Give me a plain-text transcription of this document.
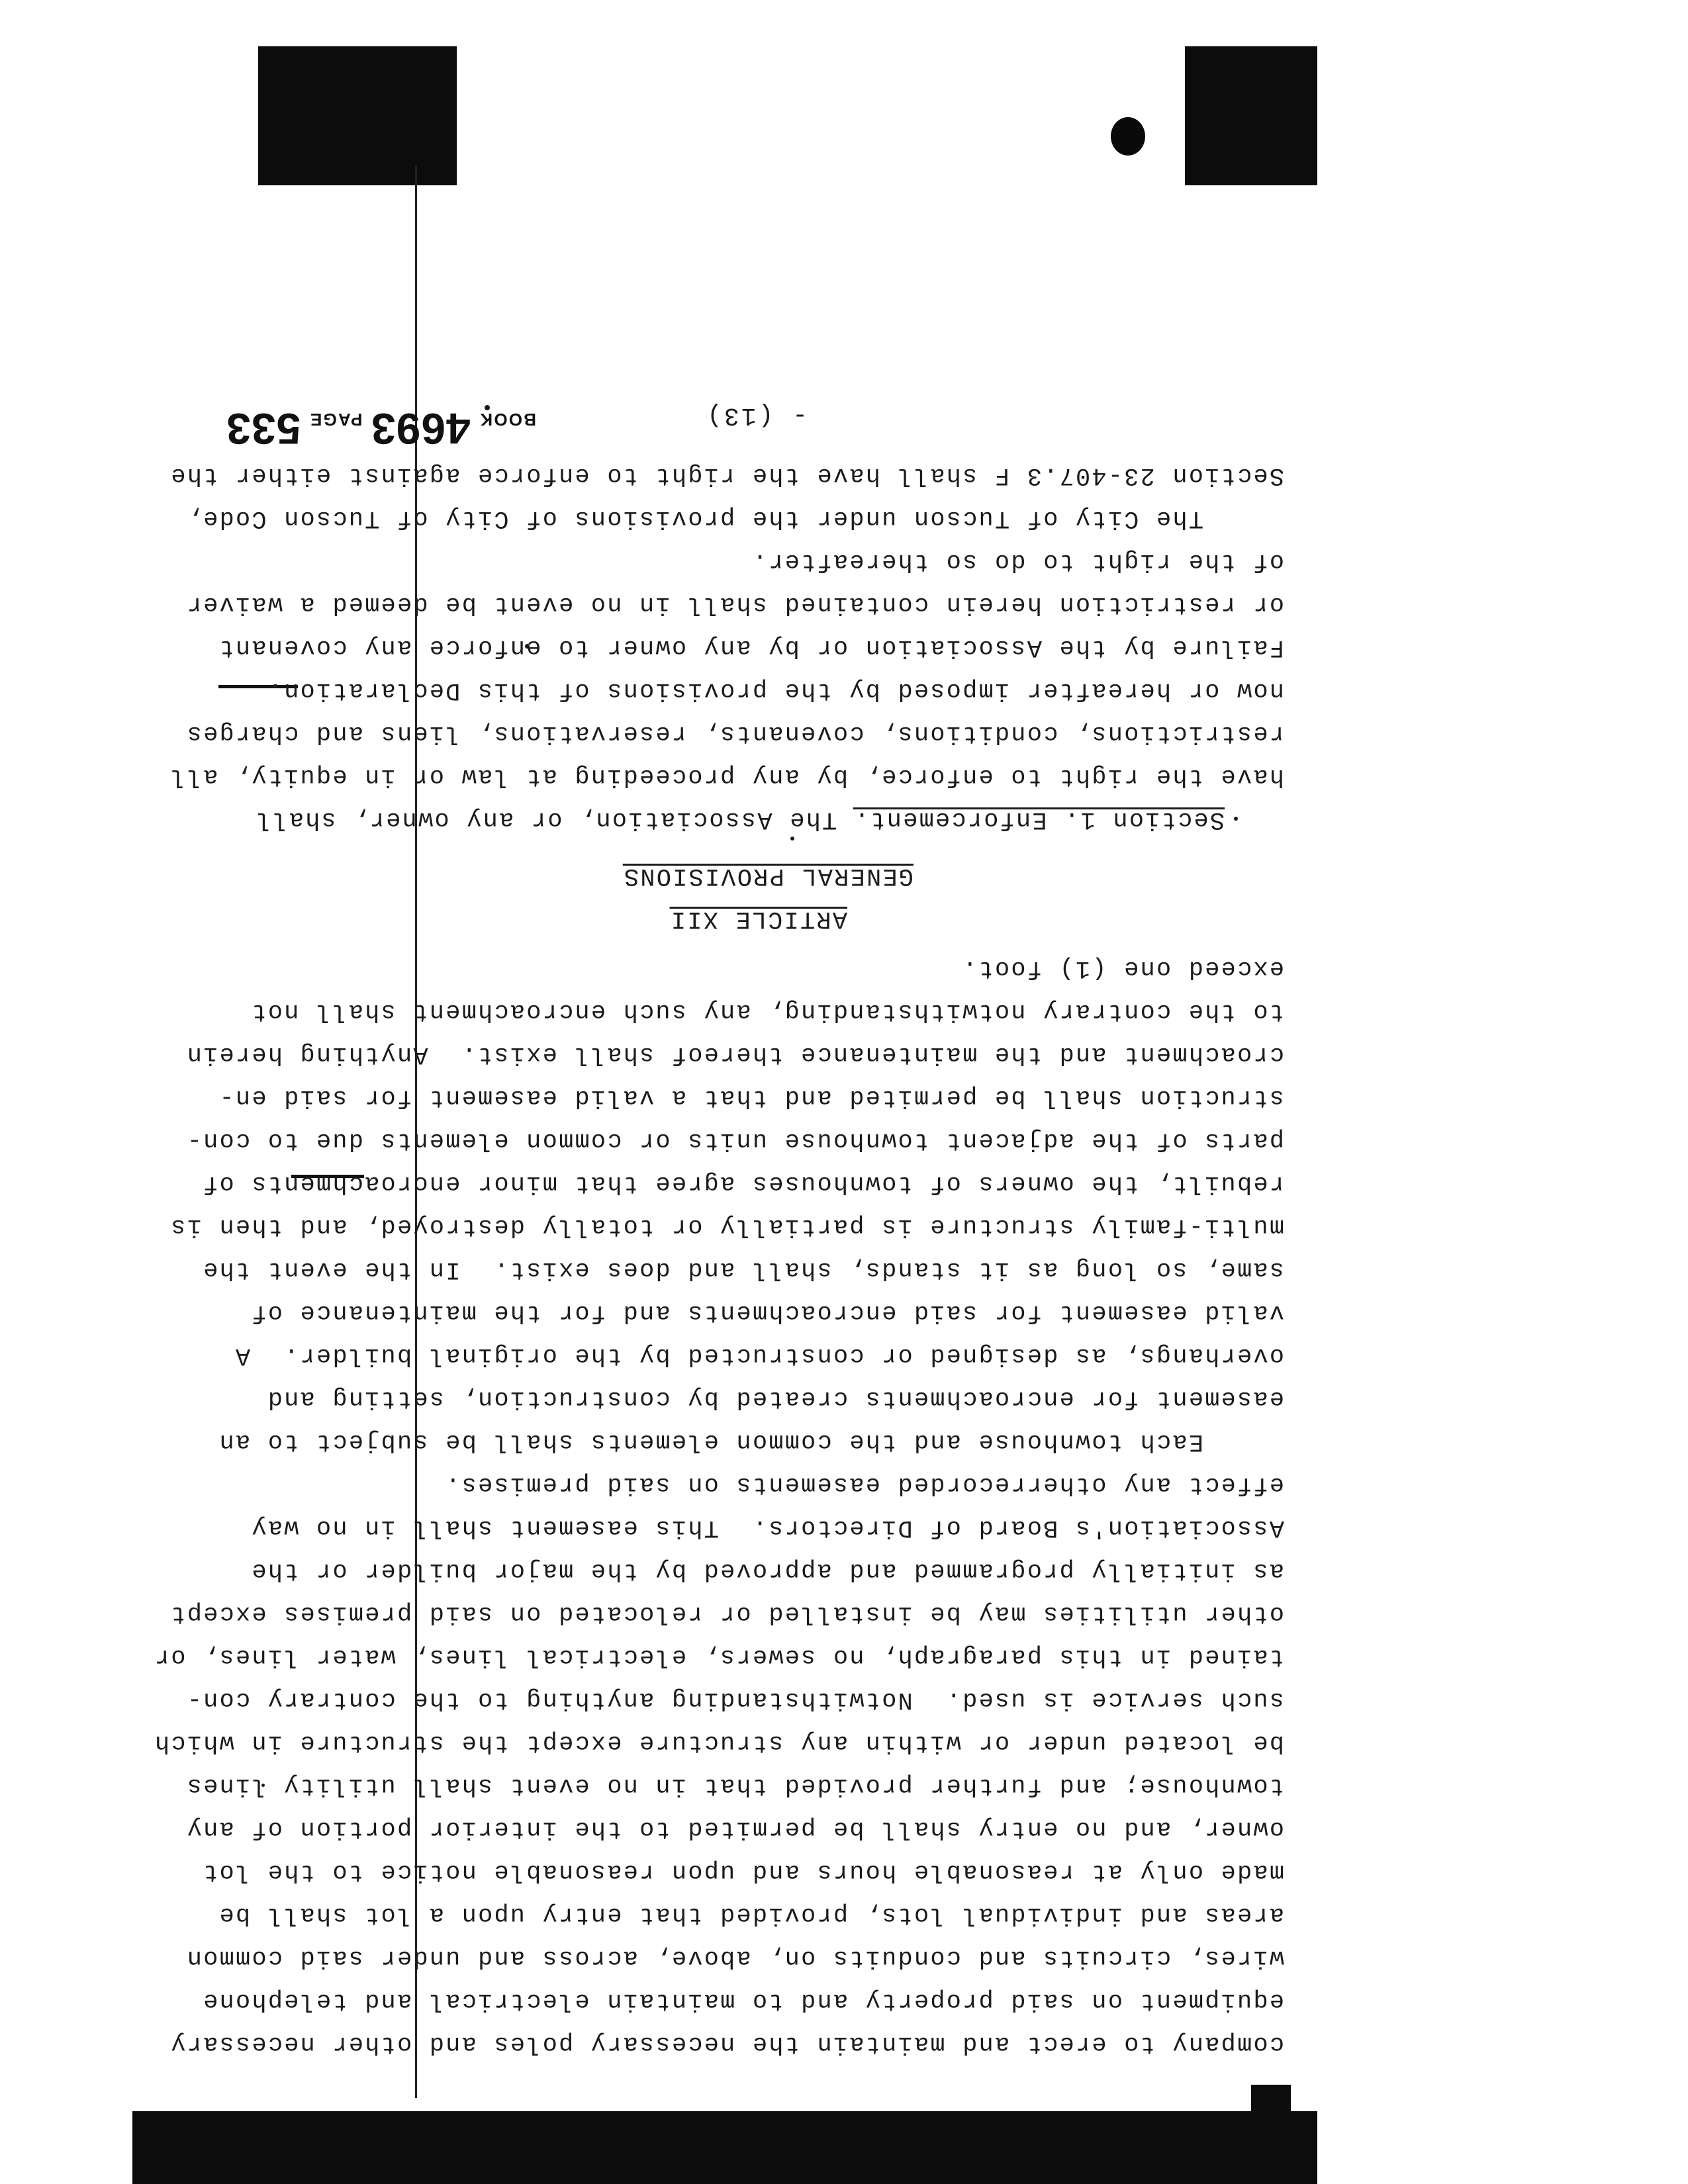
company to erect and maintain the necessary poles and other necessary
equipment on said property and to maintain electrical and telephone
wires, circuits and conduits on, above, across and under said common
areas and individual lots, provided that entry upon a lot shall be
made only at reasonable hours and upon reasonable notice to the lot
owner, and no entry shall be permited to the interior portion of any
townhouse; and further provided that in no event shall utility lines
be located under or within any structure except the structure in which
such service is used.  Notwithstanding anything to the contrary con-
tained in this paragraph, no sewers, electrical lines, water lines, or
other utilities may be installed or relocated on said premises except
as initially programmed and approved by the major builder or the
Association's Board of Directors.  This easement shall in no way
effect any otherrecorded easements on said premises.
Each townhouse and the common elements shall be subject to an
easement for encroachments created by construction, setting and
overhangs, as designed or constructed by the original builder.  A
valid easement for said encroachments and for the maintenance of
same, so long as it stands, shall and does exist.  In the event the
multi-family structure is partially or totally destroyed, and then is
rebuilt, the owners of townhouses agree that minor encroachments of
parts of the adjacent townhouse units or common elements due to con-
struction shall be permited and that a valid easement for said en-
croachment and the maintenance thereof shall exist.  Anything herein
to the contrary notwithstanding, any such encroachment shall not
exceed one (1) foot.
ARTICLE XII
GENERAL PROVISIONS
Section 1. Enforcement. The Association, or any owner, shall
have the right to enforce, by any proceeding at law or in equity, all
restrictions, conditions, covenants, reservations, liens and charges
now or hereafter imposed by the provisions of this Declaration.
Failure by the Association or by any owner to enforce any covenant
or restriction herein contained shall in no event be deemed a waiver
of the right to do so thereafter.
The City of Tucson under the provisions of City of Tucson Code,
Section 23-407.3 F shall have the right to enforce against either the
- (13)
BOOK 4693 PAGE 533
